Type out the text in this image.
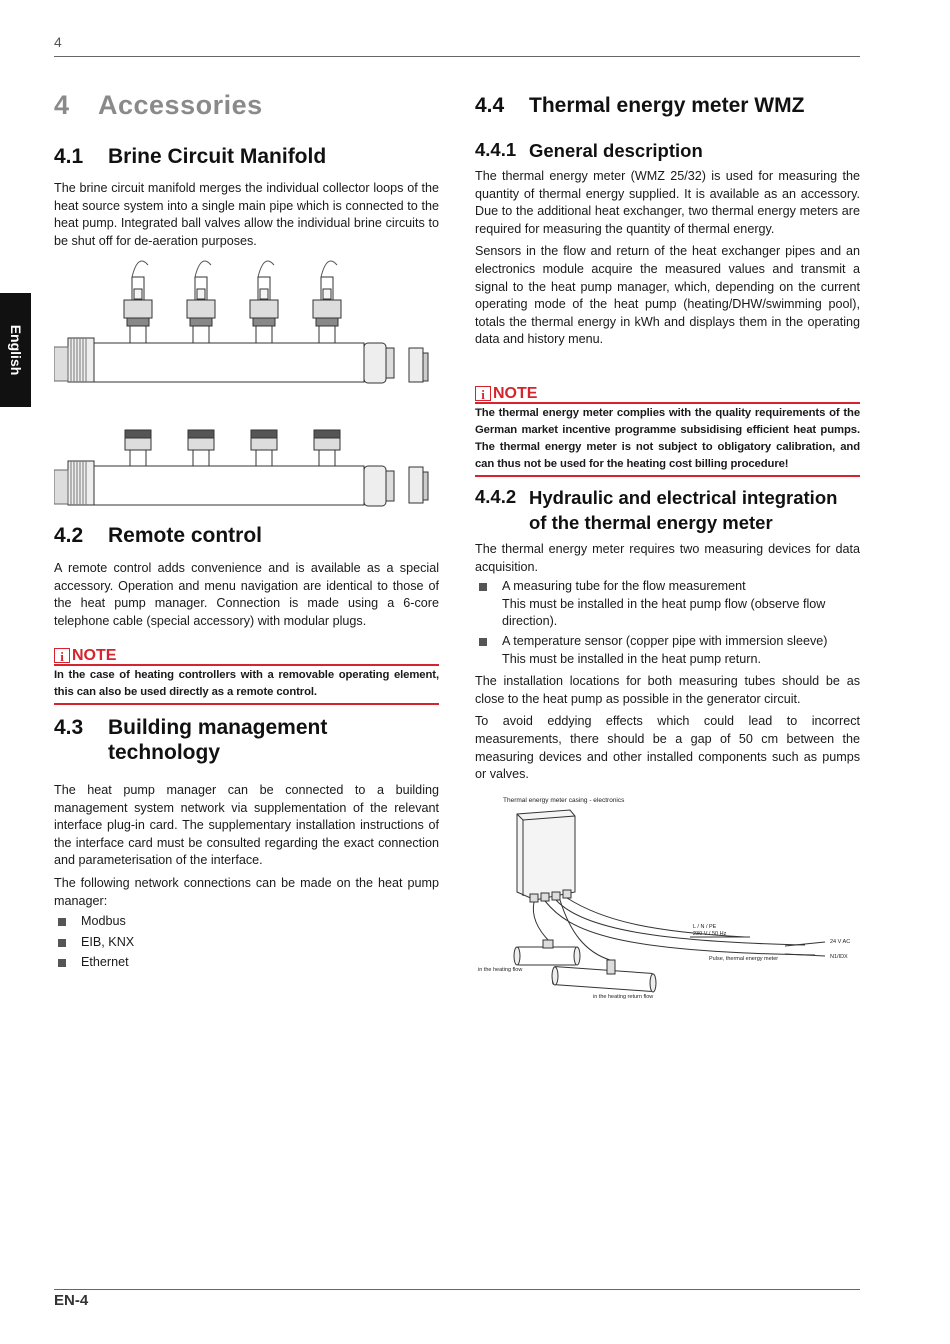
4
EN-4
English
4 Accessories
4.1 Brine Circuit Manifold

The brine circuit manifold merges the individual collector loops of the heat source system into a single main pipe which is connected to the heat pump. Integrated ball valves allow the individual brine circuits to be shut off for de-aeration purposes.

4.2 Remote control

A remote control adds convenience and is available as a special accessory. Operation and menu navigation are identical to those of the heat pump manager. Connection is made using a 6-core telephone cable (special accessory) with modular plugs.

i NOTE
In the case of heating controllers with a removable operating element, this can also be used directly as a remote control.
4.3 Building management technology

The heat pump manager can be connected to a building management system network via supplementation of the relevant interface plug-in card. The supplementary installation instructions of the interface card must be consulted regarding the exact connection and parameterisation of the interface.

The following network connections can be made on the heat pump manager:

Modbus
EIB, KNX
Ethernet
4.4 Thermal energy meter WMZ
4.4.1 General description

The thermal energy meter (WMZ 25/32) is used for measuring the quantity of thermal energy supplied. It is available as an accessory. Due to the additional heat exchanger, two thermal energy meters are required for measuring the quantity of thermal energy.

Sensors in the flow and return of the heat exchanger pipes and an electronics module acquire the measured values and transmit a signal to the heat pump manager, which, depending on the current operating mode of the heat pump (heating/DHW/swimming pool), totals the thermal energy in kWh and displays them in the operating data and history menu.

i NOTE
The thermal energy meter complies with the quality requirements of the German market incentive programme subsidising efficient heat pumps. The thermal energy meter is not subject to obligatory calibration, and can thus not be used for the heating cost billing procedure!
4.4.2 Hydraulic and electrical integration of the thermal energy meter

The thermal energy meter requires two measuring devices for data acquisition.

A measuring tube for the flow measurement
This must be installed in the heat pump flow (observe flow direction).
A temperature sensor (copper pipe with immersion sleeve)
This must be installed in the heat pump return.

The installation locations for both measuring tubes should be as close to the heat pump as possible in the generator circuit.

To avoid eddying effects which could lead to incorrect measurements, there should be a gap of 50 cm between the measuring devices and other installed components such as pumps or valves.

Thermal energy meter casing - electronics
L / N / PE
230 V / 50 Hz
24 V AC
N1/IDX
Pulse, thermal energy meter
in the heating flow
in the heating return flow
